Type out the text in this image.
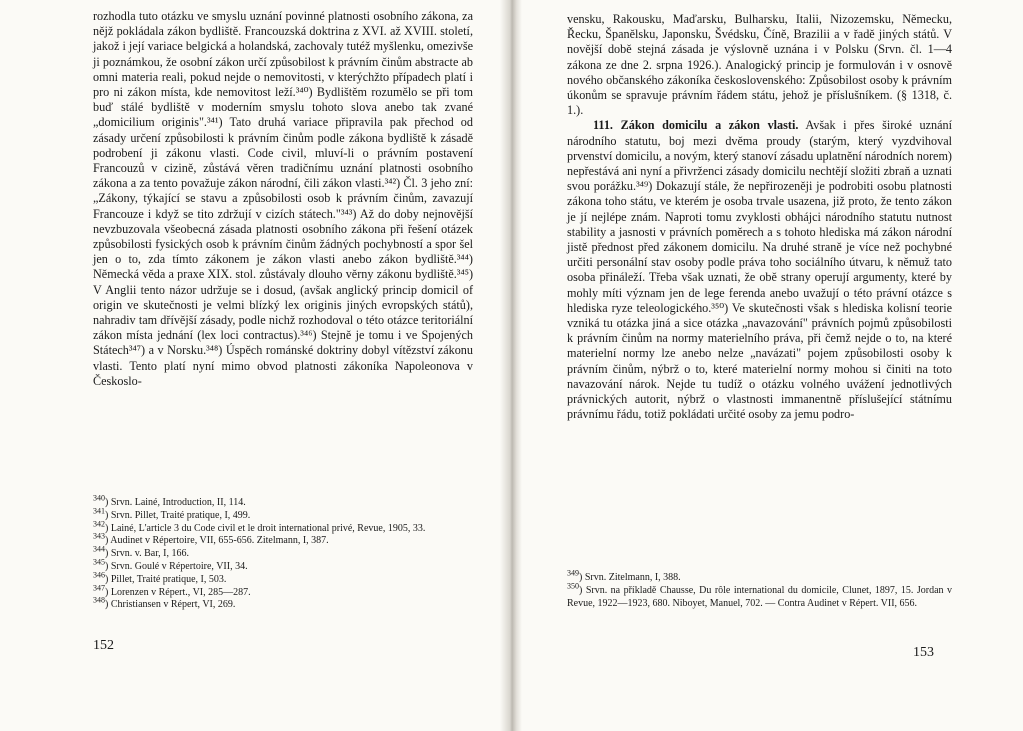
rozhodla tuto otázku ve smyslu uznání povinné platnosti osobního zákona, za nějž pokládala zákon bydliště. Francouzská doktrina z XVI. až XVIII. století, jakož i její variace belgická a holandská, zachovaly tutéž myšlenku, omezivše ji poznámkou, že osobní zákon určí způsobilost k právním činům abstracte ab omni materia reali, pokud nejde o nemovitosti, v kterýchžto případech platí i pro ni zákon místa, kde nemovitost leží.³⁴⁰) Bydlištěm rozumělo se při tom buď stálé bydliště v moderním smyslu tohoto slova anebo tak zvané „domicilium originis".³⁴¹) Tato druhá variace připravila pak přechod od zásady určení způsobilosti k právním činům podle zákona bydliště k zásadě podrobení ji zákonu vlasti. Code civil, mluví-li o právním postavení Francouzů v cizině, zůstává věren tradičnímu uznání platnosti osobního zákona a za tento považuje zákon národní, čili zákon vlasti.³⁴²) Čl. 3 jeho zní: „Zákony, týkající se stavu a způsobilosti osob k právním činům, zavazují Francouze i když se tito zdržují v cizích státech."³⁴³) Až do doby nejnovější nevzbuzovala všeobecná zásada platnosti osobního zákona při řešení otázek způsobilosti fysických osob k právním činům žádných pochybností a spor šel jen o to, zda tímto zákonem je zákon vlasti anebo zákon bydliště.³⁴⁴) Německá věda a praxe XIX. stol. zůstávaly dlouho věrny zákonu bydliště.³⁴⁵) V Anglii tento názor udržuje se i dosud, (avšak anglický princip domicil of origin ve skutečnosti je velmi blízký lex originis jiných evropských států), nahradiv tam dřívější zásady, podle nichž rozhodoval o této otázce teritoriální zákon místa jednání (lex loci contractus).³⁴⁶) Stejně je tomu i ve Spojených Státech³⁴⁷) a v Norsku.³⁴⁸) Úspěch románské doktriny dobyl vítězství zákonu vlasti. Tento platí nyní mimo obvod platnosti zákoníka Napoleonova v Českoslo-

$^{340}$) Srvn. Lainé, Introduction, II, 114.

$^{341}$) Srvn. Pillet, Traité pratique, I, 499.

$^{342}$) Lainé, L'article 3 du Code civil et le droit international privé, Revue, 1905, 33.

$^{343}$) Audinet v Répertoire, VII, 655-656. Zitelmann, I, 387.

$^{344}$) Srvn. v. Bar, I, 166.

$^{345}$) Srvn. Goulé v Répertoire, VII, 34.

$^{346}$) Pillet, Traité pratique, I, 503.

$^{347}$) Lorenzen v Répert., VI, 285—287.

$^{348}$) Christiansen v Répert, VI, 269.

152

vensku, Rakousku, Maďarsku, Bulharsku, Italii, Nizozemsku, Německu, Řecku, Španělsku, Japonsku, Švédsku, Číně, Brazilii a v řadě jiných států. V novější době stejná zásada je výslovně uznána i v Polsku (Srvn. čl. 1—4 zákona ze dne 2. srpna 1926.). Analogický princip je formulován i v osnově nového občanského zákoníka československého: Způsobilost osoby k právním úkonům se spravuje právním řádem státu, jehož je příslušníkem. (§ 1318, č. 1.).

111. Zákon domicilu a zákon vlasti. Avšak i přes široké uznání národního statutu, boj mezi dvěma proudy (starým, který vyzdvihoval prvenství domicilu, a novým, který stanoví zásadu uplatnění národních norem) nepřestává ani nyní a přivrženci zásady domicilu nechtějí složiti zbraň a uznati svou porážku.³⁴⁹) Dokazují stále, že nepřirozeněji je podrobiti osobu platnosti zákona toho státu, ve kterém je osoba trvale usazena, již proto, že tento zákon je jí nejlépe znám. Naproti tomu zvyklosti obhájci národního statutu nutnost stability a jasnosti v právních poměrech a s tohoto hlediska má zákon národní jistě přednost před zákonem domicilu. Na druhé straně je více než pochybné určiti personální stav osoby podle práva toho sociálního útvaru, k němuž tato osoba přináleží. Třeba však uznati, že obě strany operují argumenty, které by mohly míti význam jen de lege ferenda anebo uvažují o této právní otázce s hlediska ryze teleologického.³⁵⁰) Ve skutečnosti však s hlediska kolisní teorie vzniká tu otázka jiná a sice otázka „navazování" právních pojmů způsobilosti k právním činům na normy materielního práva, při čemž nejde o to, na které materielní normy lze anebo nelze „navázati" pojem způsobilosti osoby k právním činům, nýbrž o to, které materielní normy mohou si činiti na toto navazování nárok. Nejde tu tudíž o otázku volného uvážení jednotlivých právnických autorit, nýbrž o vlastnosti immanentně příslušející státnímu právnímu řádu, totiž pokládati určité osoby za jemu podro-

$^{349}$) Srvn. Zitelmann, I, 388.

$^{350}$) Srvn. na příkladě Chausse, Du rôle international du domicile, Clunet, 1897, 15. Jordan v Revue, 1922—1923, 680. Niboyet, Manuel, 702. — Contra Audinet v Répert. VII, 656.

153
